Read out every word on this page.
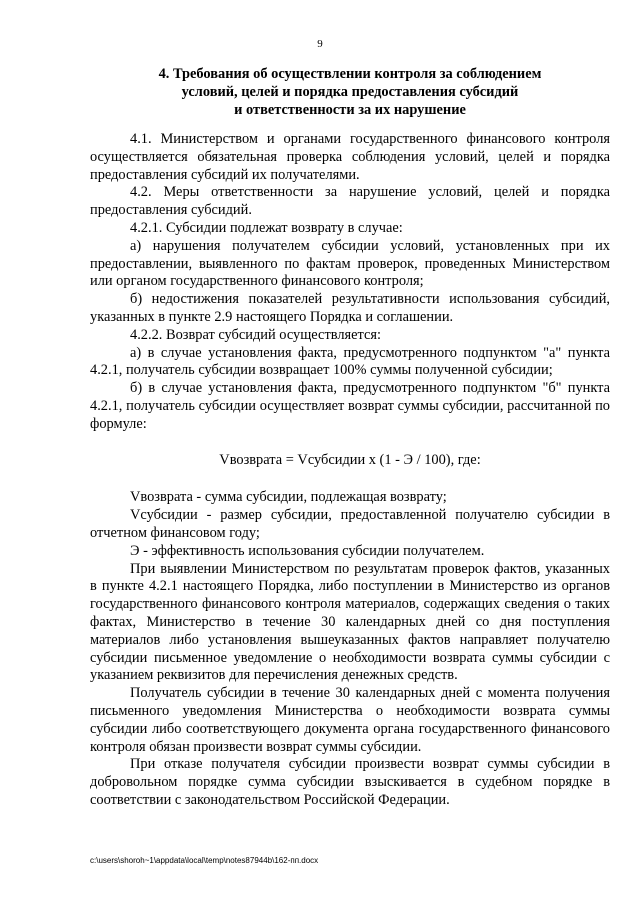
9
4. Требования об осуществлении контроля за соблюдением
условий, целей и порядка предоставления субсидий
и ответственности за их нарушение

4.1. Министерством и органами государственного финансового контроля осуществляется обязательная проверка соблюдения условий, целей и порядка предоставления субсидий их получателями.

4.2. Меры ответственности за нарушение условий, целей и порядка предоставления субсидий.

4.2.1. Субсидии подлежат возврату в случае:

а) нарушения получателем субсидии условий, установленных при их предоставлении, выявленного по фактам проверок, проведенных Министерством или органом государственного финансового контроля;

б) недостижения показателей результативности использования субсидий, указанных в пункте 2.9 настоящего Порядка и соглашении.

4.2.2. Возврат субсидий осуществляется:

а) в случае установления факта, предусмотренного подпунктом "а" пункта 4.2.1, получатель субсидии возвращает 100% суммы полученной субсидии;

б) в случае установления факта, предусмотренного подпунктом "б" пункта 4.2.1, получатель субсидии осуществляет возврат суммы субсидии, рассчитанной по формуле:

Vвозврата = Vсубсидии x (1 - Э / 100), где:

Vвозврата - сумма субсидии, подлежащая возврату;

Vсубсидии - размер субсидии, предоставленной получателю субсидии в отчетном финансовом году;

Э - эффективность использования субсидии получателем.

При выявлении Министерством по результатам проверок фактов, указанных в пункте 4.2.1 настоящего Порядка, либо поступлении в Министерство из органов государственного финансового контроля материалов, содержащих сведения о таких фактах, Министерство в течение 30 календарных дней со дня поступления материалов либо установления вышеуказанных фактов направляет получателю субсидии письменное уведомление о необходимости возврата суммы субсидии с указанием реквизитов для перечисления денежных средств.

Получатель субсидии в течение 30 календарных дней с момента получения письменного уведомления Министерства о необходимости возврата суммы субсидии либо соответствующего документа органа государственного финансового контроля обязан произвести возврат суммы субсидии.

При отказе получателя субсидии произвести возврат суммы субсидии в добровольном порядке сумма субсидии взыскивается в судебном порядке в соответствии с законодательством Российской Федерации.

c:\users\shoroh~1\appdata\local\temp\notes87944b\162-пп.docx
